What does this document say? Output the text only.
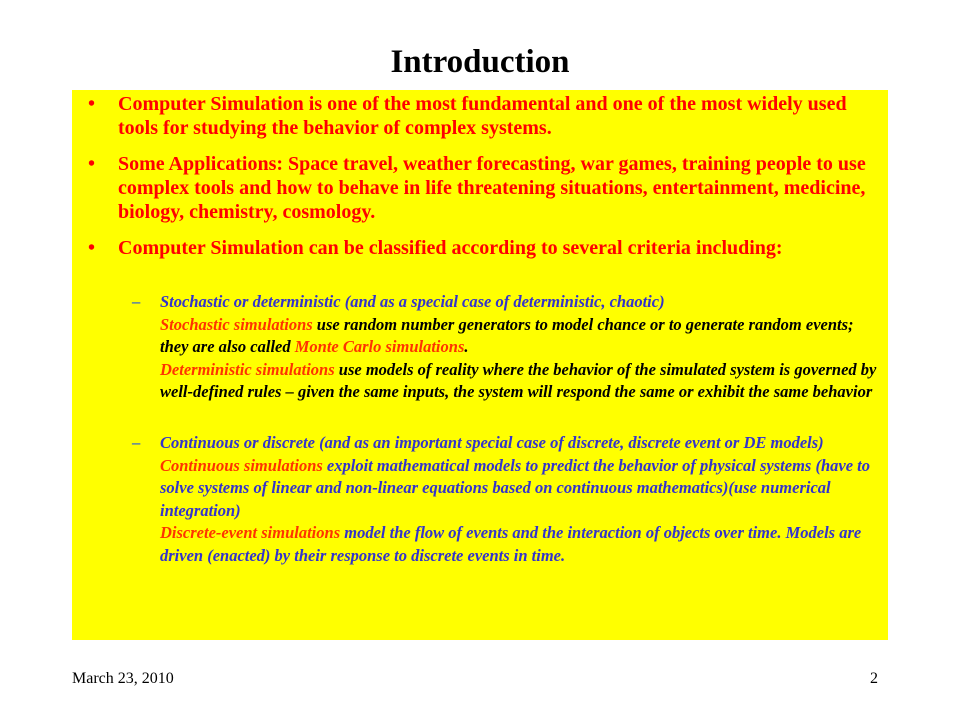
Introduction
• Computer Simulation is one of the most fundamental and one of the most widely used tools for studying the behavior of complex systems.
• Some Applications: Space travel, weather forecasting, war games, training people to use complex tools and how to behave in life threatening situations, entertainment, medicine, biology, chemistry, cosmology.
• Computer Simulation can be classified according to several criteria including:
– Stochastic or deterministic (and as a special case of deterministic, chaotic)
Stochastic simulations use random number generators to model chance or to generate random events; they are also called Monte Carlo simulations.
Deterministic simulations use models of reality where the behavior of the simulated system is governed by well-defined rules – given the same inputs, the system will respond the same or exhibit the same behavior
– Continuous or discrete (and as an important special case of discrete, discrete event or DE models)
Continuous simulations exploit mathematical models to predict the behavior of physical systems (have to solve systems of linear and non-linear equations based on continuous mathematics)(use numerical integration)
Discrete-event simulations model the flow of events and the interaction of objects over time. Models are driven (enacted) by their response to discrete events in time.
March 23, 2010	2
